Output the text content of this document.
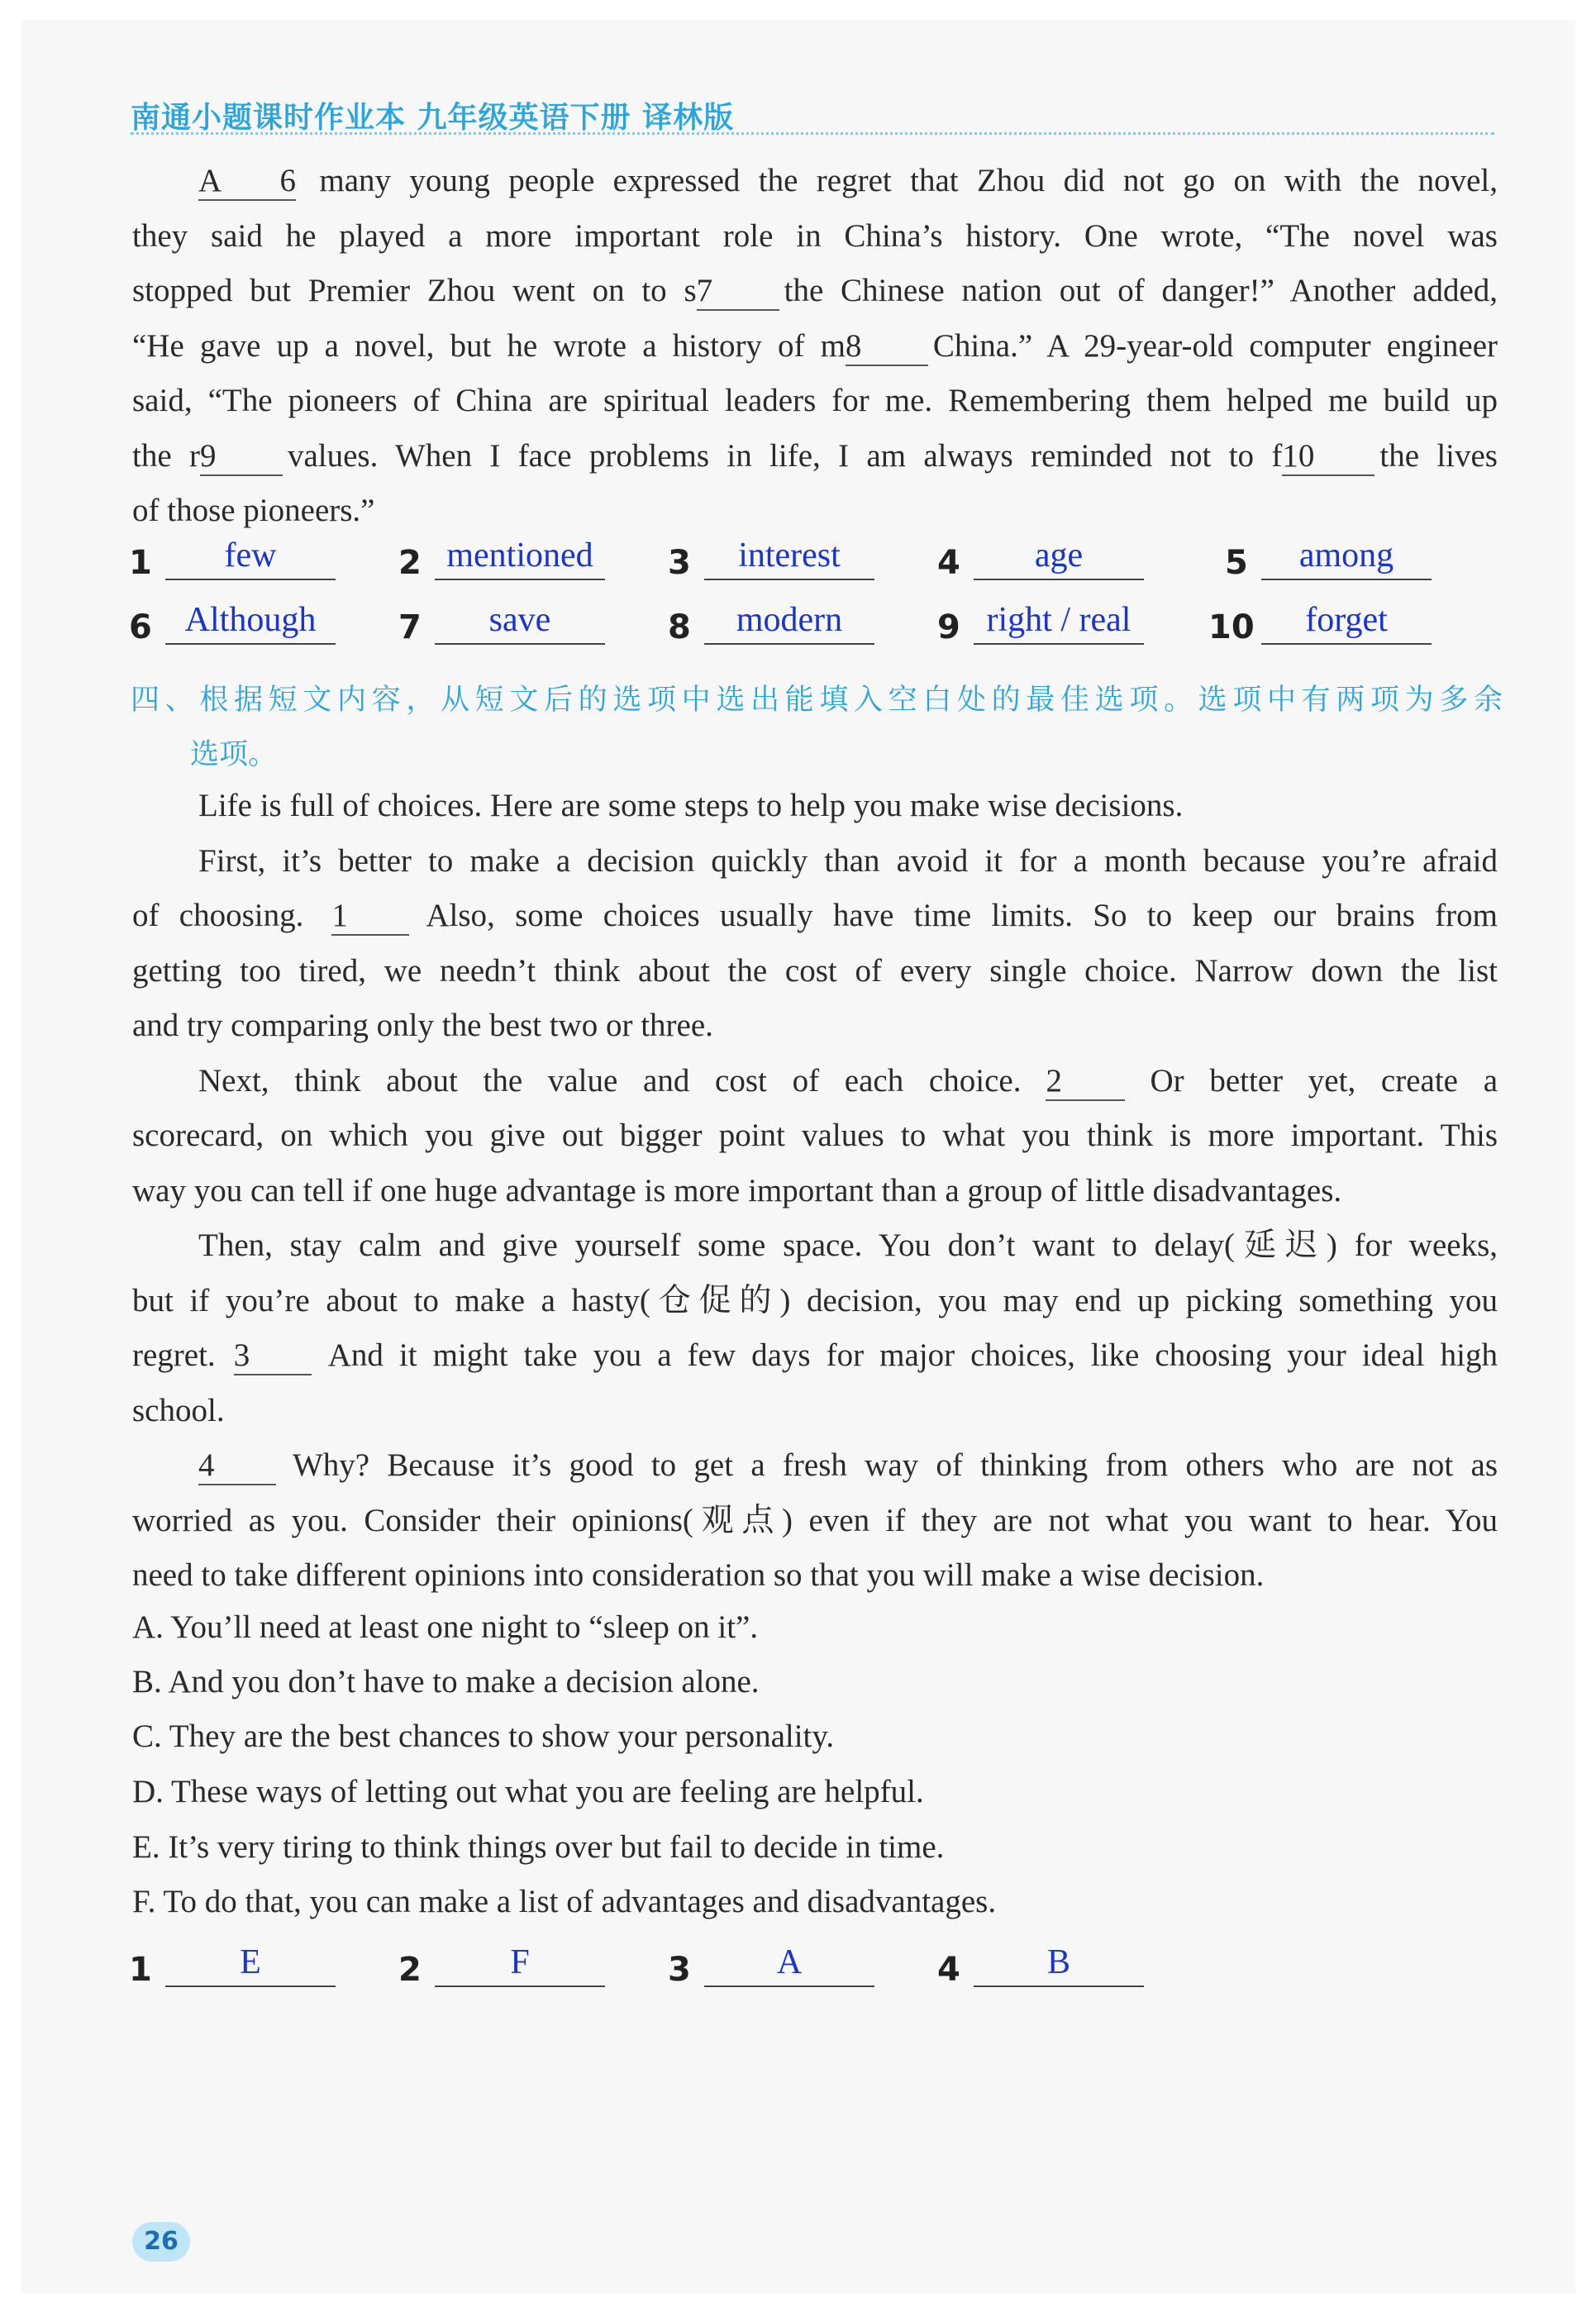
南通小题课时作业本 九年级英语下册 译林版
A 6 many young people expressed the regret that Zhou did not go on with the novel,
they said he played a more important role in China’s history. One wrote, “The novel was
stopped but Premier Zhou went on to s7 the Chinese nation out of danger!” Another added,
“He gave up a novel, but he wrote a history of m8 China.” A 29-year-old computer engineer
said, “The pioneers of China are spiritual leaders for me. Remembering them helped me build up
the r9 values. When I face problems in life, I am always reminded not to f10 the lives
of those pioneers.”
1	few	2 mentioned	3	interest	4	age	5	among
6 Although	7	save	8	modern	9 right / real	10	forget
四、根据短文内容，从短文后的选项中选出能填入空白处的最佳选项。选项中有两项为多余
选项。
Life is full of choices. Here are some steps to help you make wise decisions.
First, it’s better to make a decision quickly than avoid it for a month because you’re afraid
of choosing. 1 Also, some choices usually have time limits. So to keep our brains from
getting too tired, we needn’t think about the cost of every single choice. Narrow down the list
and try comparing only the best two or three.
Next, think about the value and cost of each choice. 2	Or better yet, create a
scorecard, on which you give out bigger point values to what you think is more important. This
way you can tell if one huge advantage is more important than a group of little disadvantages.
Then, stay calm and give yourself some space. You don’t want to delay(延迟) for weeks,
but if you’re about to make a hasty(仓促的) decision, you may end up picking something you
regret. 3 And it might take you a few days for major choices, like choosing your ideal high
school.
4 Why? Because it’s good to get a fresh way of thinking from others who are not as
worried as you. Consider their opinions(观点) even if they are not what you want to hear. You
need to take different opinions into consideration so that you will make a wise decision.
A. You’ll need at least one night to “sleep on it”.
B. And you don’t have to make a decision alone.
C. They are the best chances to show your personality.
D. These ways of letting out what you are feeling are helpful.
E. It’s very tiring to think things over but fail to decide in time.
F. To do that, you can make a list of advantages and disadvantages.
1	E	2	F	3	A	4	B
26
